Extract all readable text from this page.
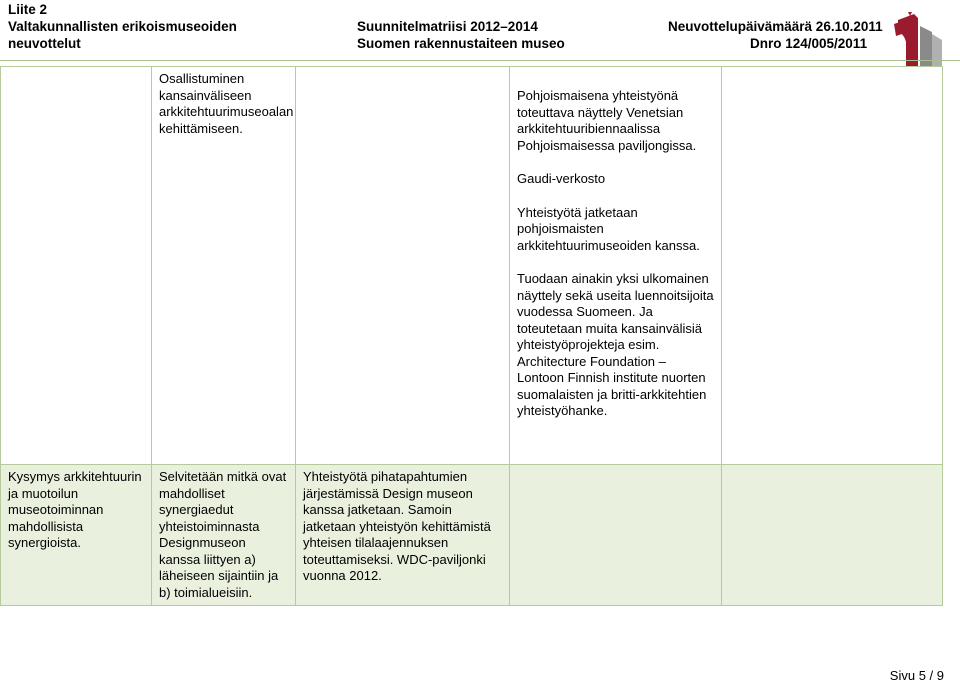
Liite 2
Valtakunnallisten erikoismuseoiden
neuvottelut
Suunnitelmatriisi 2012–2014
Suomen rakennustaiteen museo
Neuvottelupäivämäärä 26.10.2011
Dnro 124/005/2011
	Osallistuminen kansainväliseen arkkitehtuurimuseoalan kehittämiseen.		Pohjoismaisena yhteistyönä toteuttava näyttely Venetsian arkkitehtuuribiennaalissa Pohjoismaisessa paviljongissa.
Gaudi-verkosto
Yhteistyötä jatketaan pohjoismaisten arkkitehtuurimuseoiden kanssa.
Tuodaan ainakin yksi ulkomainen näyttely sekä useita luennoitsijoita vuodessa Suomeen. Ja toteutetaan muita kansainvälisiä yhteistyöprojekteja esim. Architecture Foundation – Lontoon Finnish institute nuorten suomalaisten ja britti-arkkitehtien yhteistyöhanke.	

Kysymys arkkitehtuurin ja muotoilun museotoiminnan mahdollisista synergioista.	Selvitetään mitkä ovat mahdolliset synergiaedut yhteistoiminnasta Designmuseon kanssa liittyen a) läheiseen sijaintiin ja b) toimialueisiin.	Yhteistyötä pihatapahtumien järjestämissä Design museon kanssa jatketaan. Samoin jatketaan yhteistyön kehittämistä yhteisen tilalaajennuksen toteuttamiseksi. WDC-paviljonki vuonna 2012.		
Sivu 5 / 9
